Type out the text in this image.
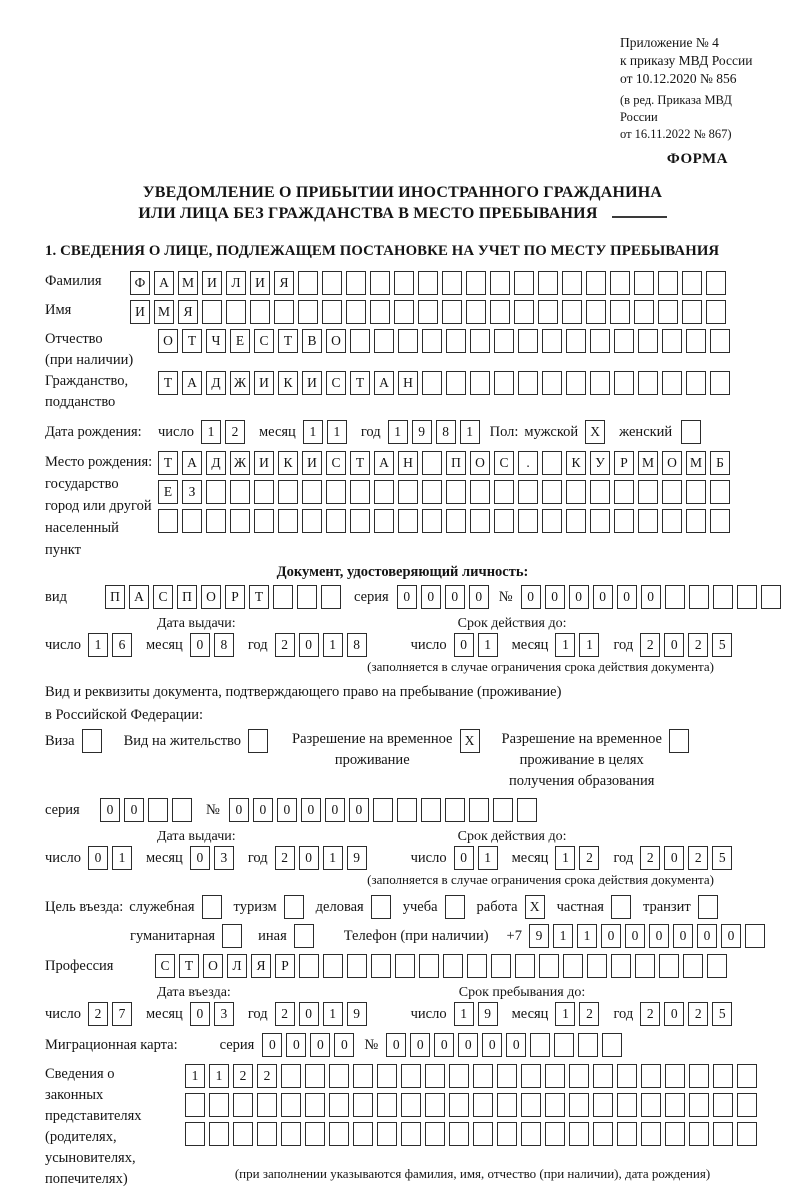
Приложение № 4
к приказу МВД России
от 10.12.2020 № 856
(в ред. Приказа МВД России
от 16.11.2022 № 867)
ФОРМА
УВЕДОМЛЕНИЕ О ПРИБЫТИИ ИНОСТРАННОГО ГРАЖДАНИНА
ИЛИ ЛИЦА БЕЗ ГРАЖДАНСТВА В МЕСТО ПРЕБЫВАНИЯ
1. СВЕДЕНИЯ О ЛИЦЕ, ПОДЛЕЖАЩЕМ ПОСТАНОВКЕ НА УЧЕТ ПО МЕСТУ ПРЕБЫВАНИЯ
Фамилия	Ф	А М И	Л	И	Я
Имя	И М Я
Отчество
(при наличии)
О	Т	Ч	Е	С	Т	В	О
Гражданство,
подданство
Т	А	Д Ж И	К	И	С	Т	А	Н
Дата рождения:	число	1	2	месяц	1	1	год	1	9	8	1	Пол: мужской X	женский
Место рождения:
государство
город или другой
населенный пункт
Т	А	Д Ж И	К	И	С	Т	А	Н	П	О	С	.	К	У	Р	М О М	Б
Е	З
Документ, удостоверяющий личность:
вид	П	А	С	П	О	Р	Т	серия	0	0	0	0	№	0	0	0	0	0	0
Дата выдачи:	Срок действия до:
число	1	6	месяц	0	8	год	2	0	1	8	число	0	1	месяц	1	1	год	2	0	2	5
(заполняется в случае ограничения срока действия документа)
Вид и реквизиты документа, подтверждающего право на пребывание (проживание)
в Российской Федерации:
Виза	Вид на жительство	Разрешение на временное
проживание
X	Разрешение на временное
проживание в целях
получения образования
серия	0	0	№	0	0	0	0	0	0
Дата выдачи:	Срок действия до:
число	0	1	месяц	0	3	год	2	0	1	9	число	0	1	месяц	1	2	год	2	0	2	5
(заполняется в случае ограничения срока действия документа)
Цель въезда: служебная	туризм	деловая	учеба	работа X	частная	транзит
гуманитарная	иная	Телефон (при наличии) +7	9	1	1	0	0	0	0	0	0
Профессия	С	Т	О	Л	Я	Р
Дата въезда:	Срок пребывания до:
число	2	7	месяц	0	3	год	2	0	1	9	число	1	9	месяц	1	2	год	2	0	2	5
Миграционная карта:	серия	0	0	0	0	№	0	0	0	0	0	0
Сведения о
законных
представителях
(родителях,
усыновителях,
попечителях)
1	1	2	2
(при заполнении указываются фамилия, имя, отчество (при наличии), дата рождения)
